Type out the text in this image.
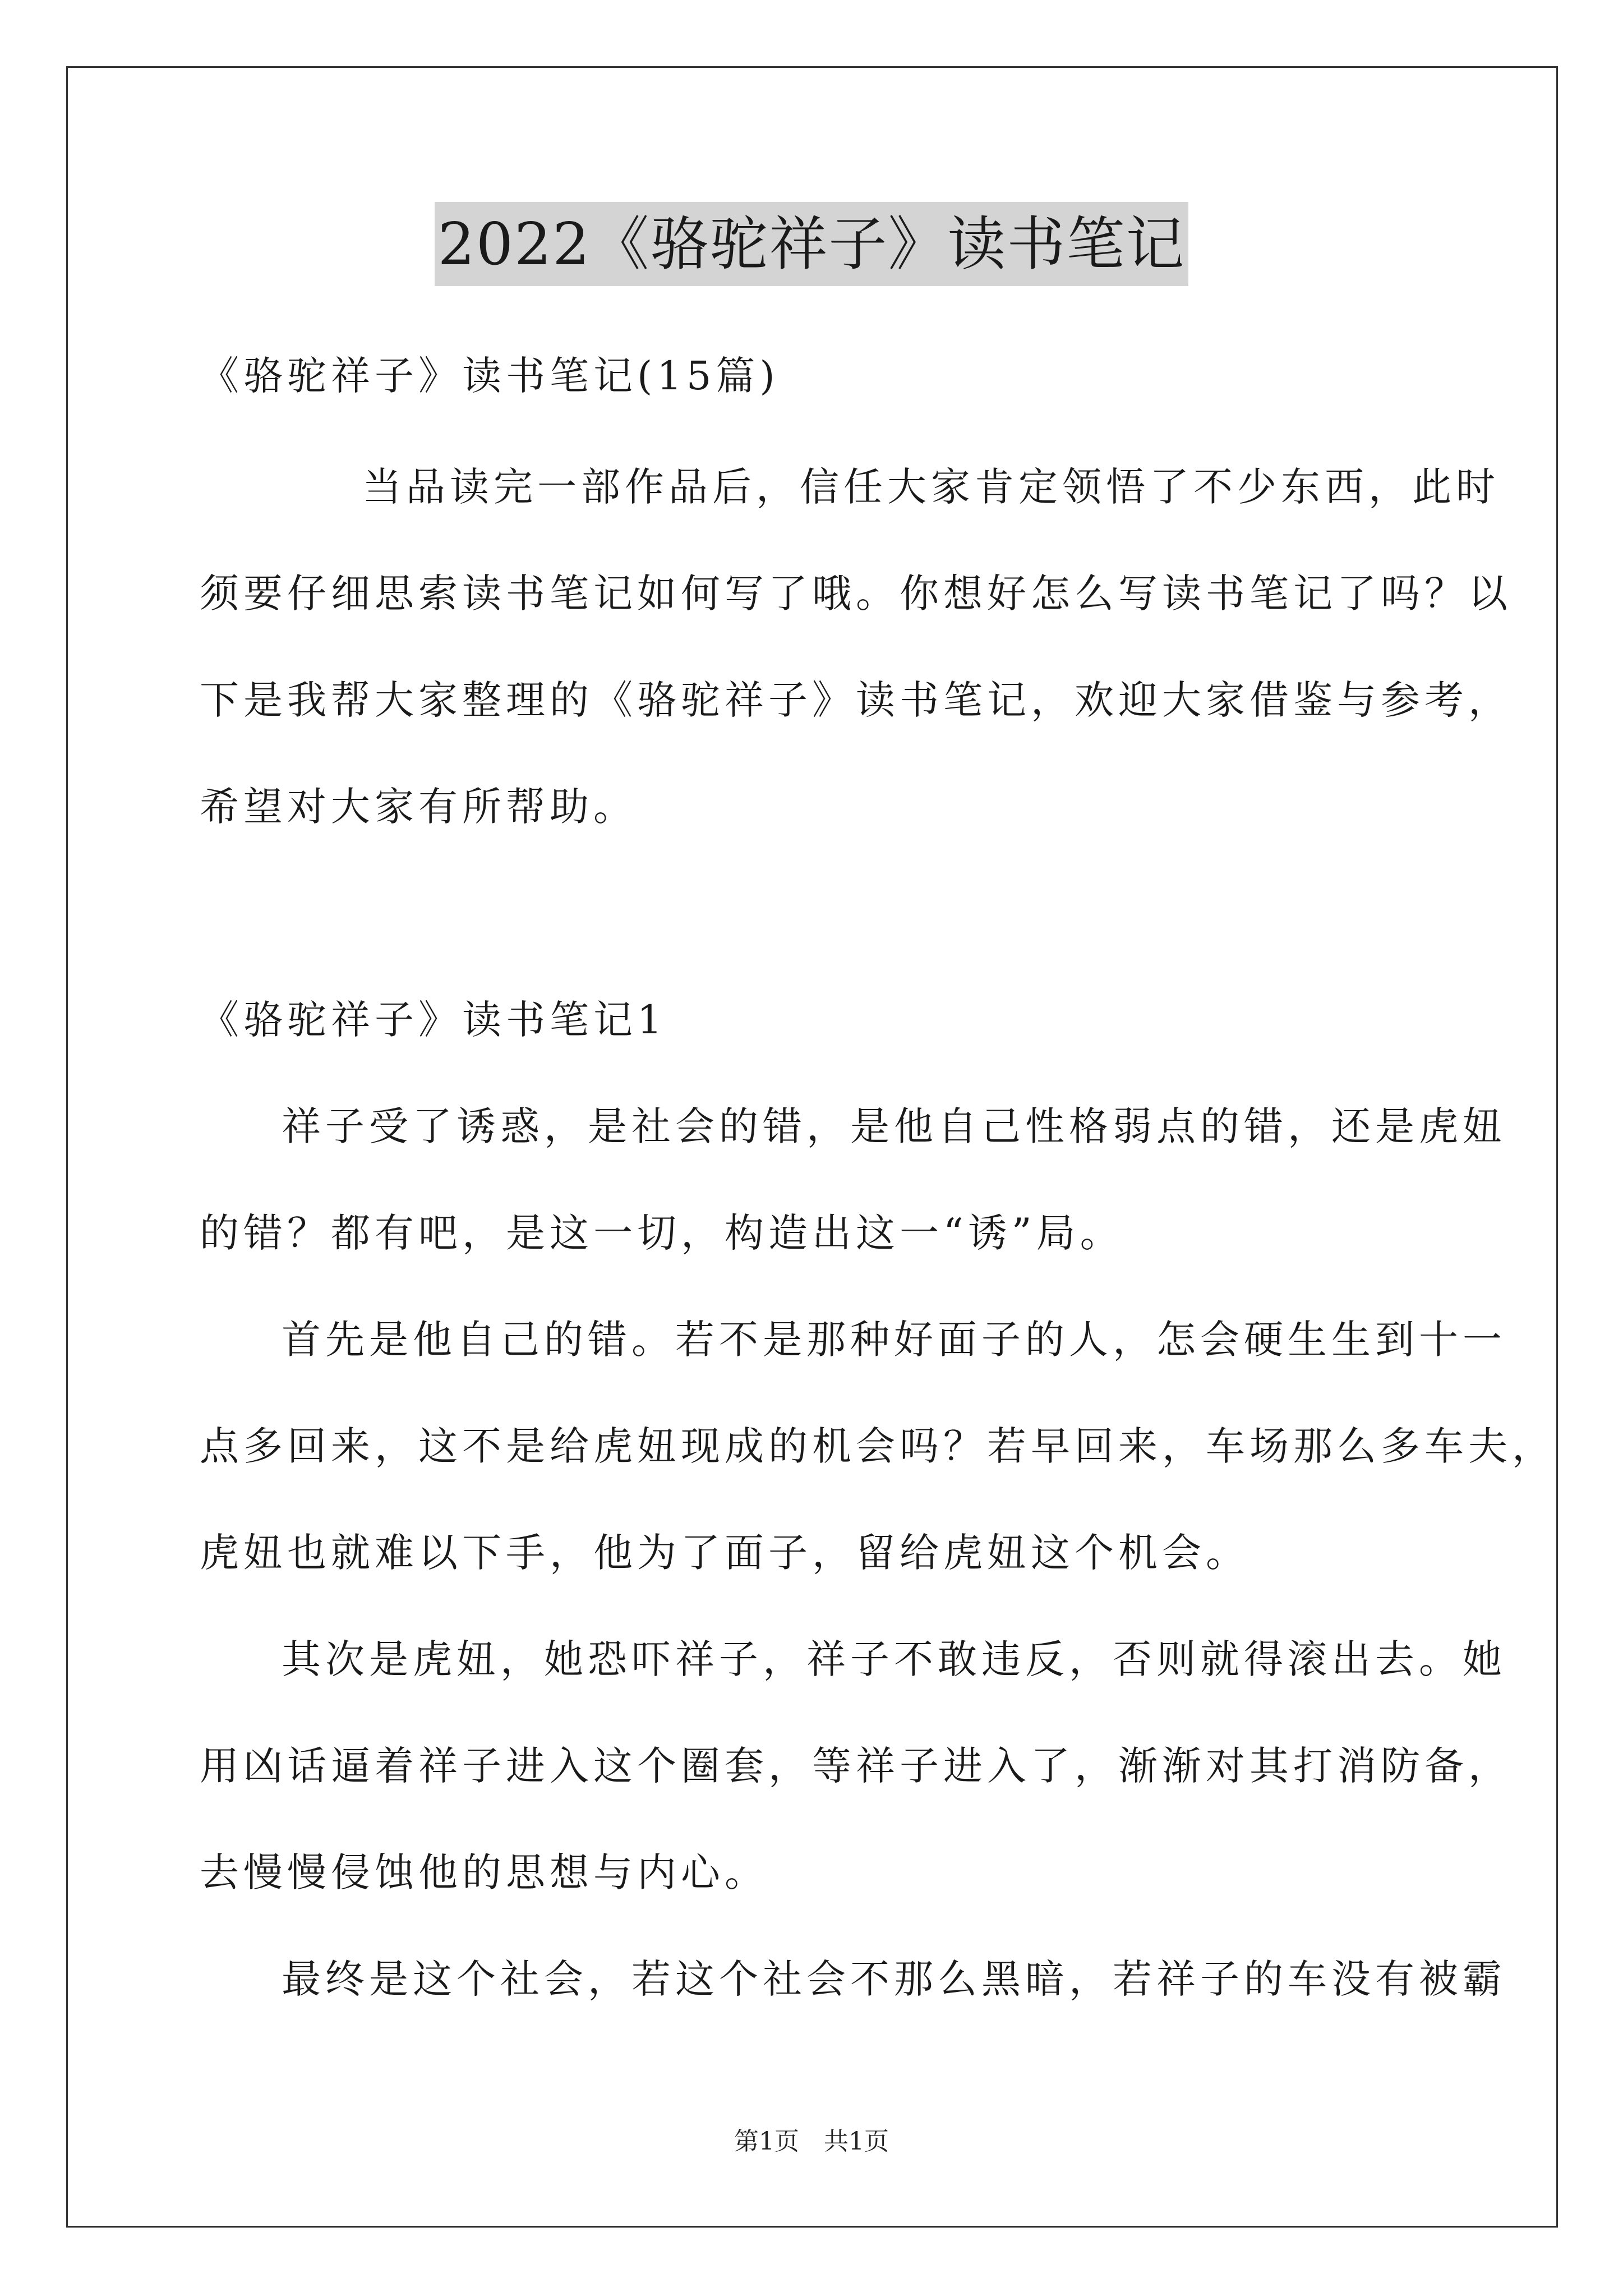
2022《骆驼祥子》读书笔记
《骆驼祥子》读书笔记(15篇)
当品读完一部作品后，信任大家肯定领悟了不少东西，此时
须要仔细思索读书笔记如何写了哦。你想好怎么写读书笔记了吗？以
下是我帮大家整理的《骆驼祥子》读书笔记，欢迎大家借鉴与参考，
希望对大家有所帮助。
《骆驼祥子》读书笔记1
祥子受了诱惑，是社会的错，是他自己性格弱点的错，还是虎妞
的错？都有吧，是这一切，构造出这一“诱”局。
首先是他自己的错。若不是那种好面子的人，怎会硬生生到十一
点多回来，这不是给虎妞现成的机会吗？若早回来，车场那么多车夫，
虎妞也就难以下手，他为了面子，留给虎妞这个机会。
其次是虎妞，她恐吓祥子，祥子不敢违反，否则就得滚出去。她
用凶话逼着祥子进入这个圈套，等祥子进入了，渐渐对其打消防备，
去慢慢侵蚀他的思想与内心。
最终是这个社会，若这个社会不那么黑暗，若祥子的车没有被霸
第1页　共1页
